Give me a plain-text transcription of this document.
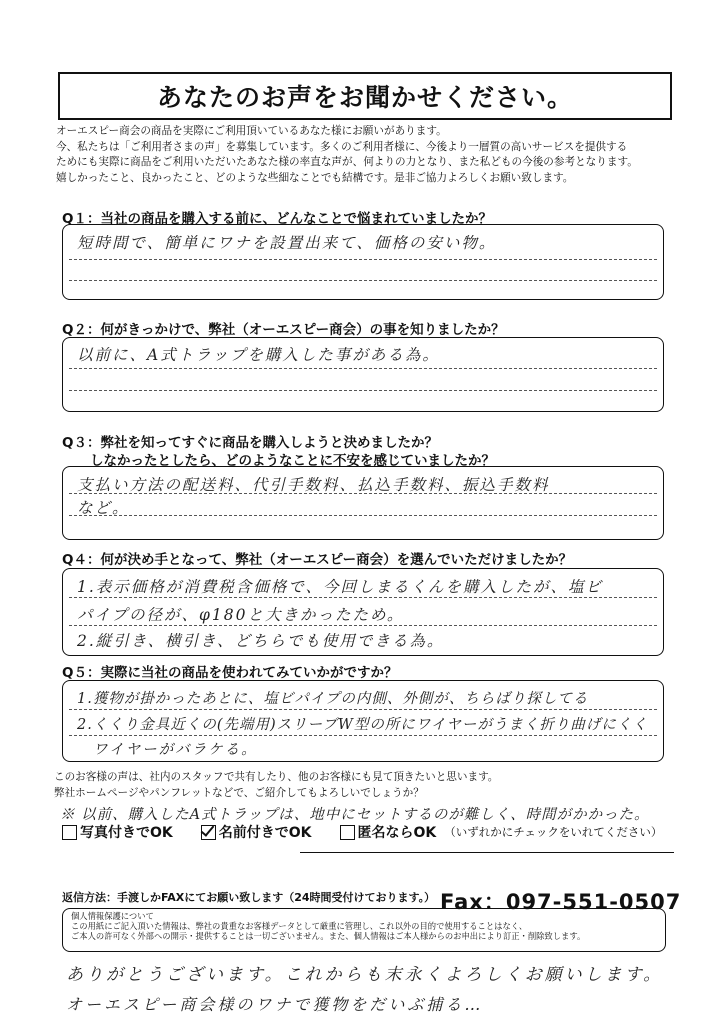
あなたのお声をお聞かせください。
オーエスピー商会の商品を実際にご利用頂いているあなた様にお願いがあります。
今、私たちは「ご利用者さまの声」を募集しています。多くのご利用者様に、今後より一層質の高いサービスを提供する
ためにも実際に商品をご利用いただいたあなた様の率直な声が、何よりの力となり、また私どもの今後の参考となります。
嬉しかったこと、良かったこと、どのような些細なことでも結構です。是非ご協力よろしくお願い致します。
Q１：当社の商品を購入する前に、どんなことで悩まれていましたか？
短時間で、簡単にワナを設置出来て、価格の安い物。
Q２：何がきっかけで、弊社（オーエスピー商会）の事を知りましたか？
以前に、A式トラップを購入した事がある為。
Q３：弊社を知ってすぐに商品を購入しようと決めましたか？
しなかったとしたら、どのようなことに不安を感じていましたか？
支払い方法の配送料、代引手数料、払込手数料、振込手数料
など。
Q４：何が決め手となって、弊社（オーエスピー商会）を選んでいただけましたか？
1.表示価格が消費税含価格で、今回しまるくんを購入したが、塩ビ
パイプの径が、φ180と大きかったため。
2.縦引き、横引き、どちらでも使用できる為。
Q５：実際に当社の商品を使われてみていかがですか？
1.獲物が掛かったあとに、塩ビパイプの内側、外側が、ちらばり探してる
2.くくり金具近くの(先端用)スリーブW型の所にワイヤーがうまく折り曲げにくく
ワイヤーがバラケる。
このお客様の声は、社内のスタッフで共有したり、他のお客様にも見て頂きたいと思います。
弊社ホームページやパンフレットなどで、ご紹介してもよろしいでしょうか？
※ 以前、購入したA式トラップは、地中にセットするのが難しく、時間がかかった。
写真付きでOK	名前付きでOK	匿名ならOK （いずれかにチェックをいれてください）
返信方法：手渡しかFAXにてお願い致します（24時間受付けております。） Fax：097-551-0507
個人情報保護について
この用紙にご記入頂いた情報は、弊社の貴重なお客様データとして厳重に管理し、これ以外の目的で使用することはなく、
ご本人の許可なく外部への開示・提供することは一切ございません。また、個人情報はご本人様からのお申出により訂正・削除致します。
ありがとうございます。これからも末永くよろしくお願いします。
オーエスピー商会様のワナで獲物をだいぶ捕る…
